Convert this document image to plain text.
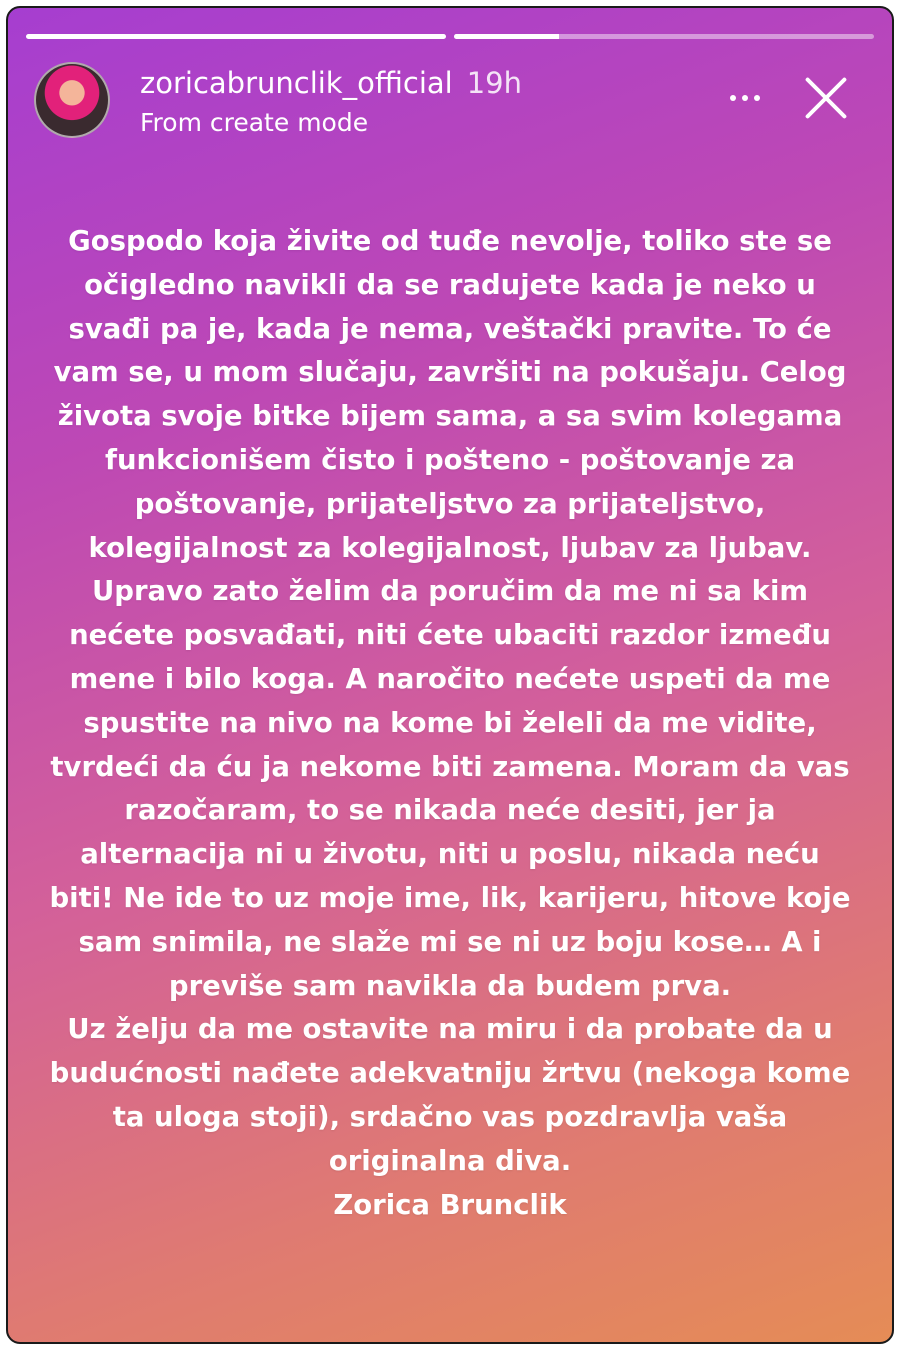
zoricabrunclik_official 19h
From create mode

Gospodo koja živite od tuđe nevolje, toliko ste se očigledno navikli da se radujete kada je neko u svađi pa je, kada je nema, veštački pravite. To će vam se, u mom slučaju, završiti na pokušaju. Celog života svoje bitke bijem sama, a sa svim kolegama funkcionišem čisto i pošteno - poštovanje za poštovanje, prijateljstvo za prijateljstvo, kolegijalnost za kolegijalnost, ljubav za ljubav.

Upravo zato želim da poručim da me ni sa kim nećete posvađati, niti ćete ubaciti razdor između mene i bilo koga. A naročito nećete uspeti da me spustite na nivo na kome bi želeli da me vidite, tvrdeći da ću ja nekome biti zamena. Moram da vas razočaram, to se nikada neće desiti, jer ja alternacija ni u životu, niti u poslu, nikada neću biti! Ne ide to uz moje ime, lik, karijeru, hitove koje sam snimila, ne slaže mi se ni uz boju kose… A i previše sam navikla da budem prva.

Uz želju da me ostavite na miru i da probate da u budućnosti nađete adekvatniju žrtvu (nekoga kome ta uloga stoji), srdačno vas pozdravlja vaša originalna diva.

Zorica Brunclik
